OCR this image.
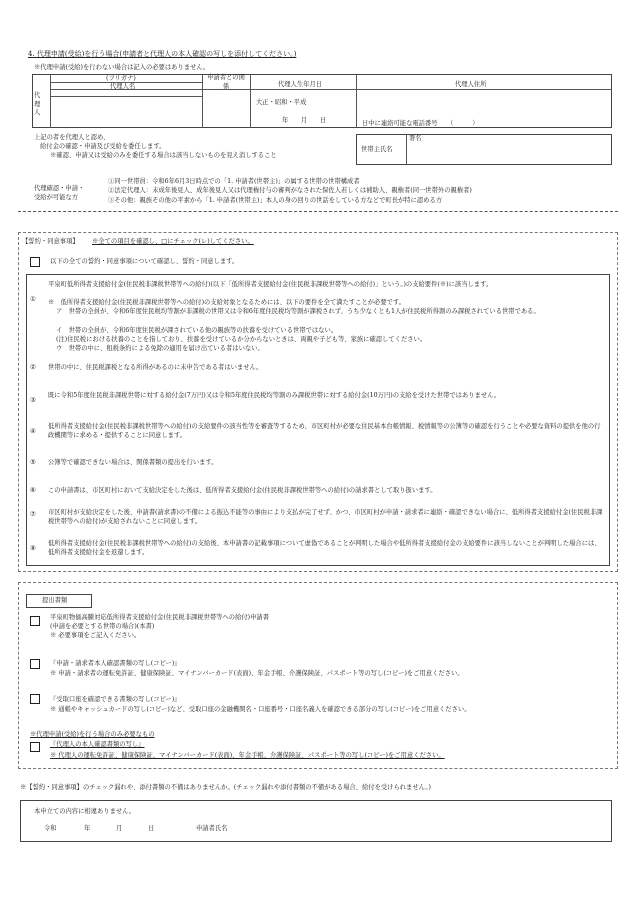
4. 代理申請(受給)を行う場合(申請者と代理人の本人確認の写しを添付してください。)
※代理申請(受給)を行わない場合は記入の必要はありません。
代理人
(フリガナ)
代理人名
申請者との関係	代理人生年月日	代理人住所
大正・昭和・平成
年　　月　　日	日中に連絡可能な電話番号　　（　　　）
上記の者を代理人と認め、
給付金の確認・申請及び受給を委任します。
※確認、申請又は受給のみを委任する場合は該当しないものを見え消しすること
世帯主氏名
署名
代理確認・申請・
受給が可能な方
①同一世帯員：令和6年6月3日時点での「1. 申請者(世帯主)」の属する世帯の世帯構成者
②法定代理人：未成年後見人、成年後見人又は代理権付与の審判がなされた保佐人若しくは補助人、親権者(同一世帯外の親権者)
③その他：親族その他の平素から「1. 申請者(世帯主)」本人の身の回りの世話をしている方などで町長が特に認める方
【誓約・同意事項】 ※全ての項目を確認し、□にチェック(レ)してください。
以下の全ての誓約・同意事項について確認し、誓約・同意します。
①
平泉町低所得者支援給付金(住民税非課税世帯等への給付)(以下「低所得者支援給付金(住民税非課税世帯等への給付)」という。)の支給要件(※)に該当します。
※　低所得者支援給付金(住民税非課税世帯等への給付)の支給対象となるためには、以下の要件を全て満たすことが必要です。
ア　世帯の全員が、令和6年度住民税均等割が非課税の世帯又は令和6年度住民税均等割が課税されず、うち少なくとも1人が住民税所得割のみ課税されている世帯である。
イ　世帯の全員が、令和6年度住民税が課されている他の親族等の扶養を受けている世帯ではない。
(注)住民税における扶養のことを指しており、扶養を受けているか分からないときは、両親や子ども等、家族に確認してください。
ウ　世帯の中に、租税条約による免除の適用を届け出ている者はいない。
② 世帯の中に、住民税課税となる所得があるのに未申告である者はいません。
③
既に令和5年度住民税非課税世帯に対する給付金(7万円)又は令和5年度住民税均等割のみ課税世帯に対する給付金(10万円)の支給を受けた世帯ではありません。
④
低所得者支援給付金(住民税非課税世帯等への給付)の支給要件の該当性等を審査等するため、市区町村が必要な住民基本台帳情報、税情報等の公簿等の確認を行うことや必要な資料の提供を他の行政機関等に求める・提供することに同意します。
⑤ 公簿等で確認できない場合は、関係書類の提出を行います。
⑥ この申請書は、市区町村において支給決定をした後は、低所得者支援給付金(住民税非課税世帯等への給付)の請求書として取り扱います。
⑦ 市区町村が支給決定をした後、申請書(請求書)の不備による振込不能等の事由により支払が完了せず、かつ、市区町村が申請・請求者に連絡・確認できない場合に、低所得者支援給付金(住民税非課税世帯等への給付)が支給されないことに同意します。
⑧
低所得者支援給付金(住民税非課税世帯等への給付)の支給後、本申請書の記載事項について虚偽であることが判明した場合や低所得者支援給付金の支給要件に該当しないことが判明した場合には、低所得者支援給付金を返還します。
提出書類
平泉町物価高騰対応低所得者支援給付金(住民税非課税世帯等への給付)申請書
(申請を必要とする世帯の場合)(本書)
※ 必要事項をご記入ください。
『申請・請求者本人確認書類の写し(コピー)』
※ 申請・請求者の運転免許証、健康保険証、マイナンバーカード(表面)、年金手帳、介護保険証、パスポート等の写し(コピー)をご用意ください。
『受取口座を確認できる書類の写し(コピー)』
※ 通帳やキャッシュカードの写し(コピー)など、受取口座の金融機関名・口座番号・口座名義人を確認できる部分の写し(コピー)をご用意ください。
※代理申請(受給)を行う場合のみ必要なもの
『代理人の本人確認書類の写し』
※ 代理人の運転免許証、健康保険証、マイナンバーカード(表面)、年金手帳、介護保険証、パスポート等の写し(コピー)をご用意ください。
※【誓約・同意事項】のチェック漏れや、添付書類の不備はありませんか。(チェック漏れや添付書類の不備がある場合、給付を受けられません。)
本申立ての内容に相違ありません。
令和	年	月	日	申請者氏名
